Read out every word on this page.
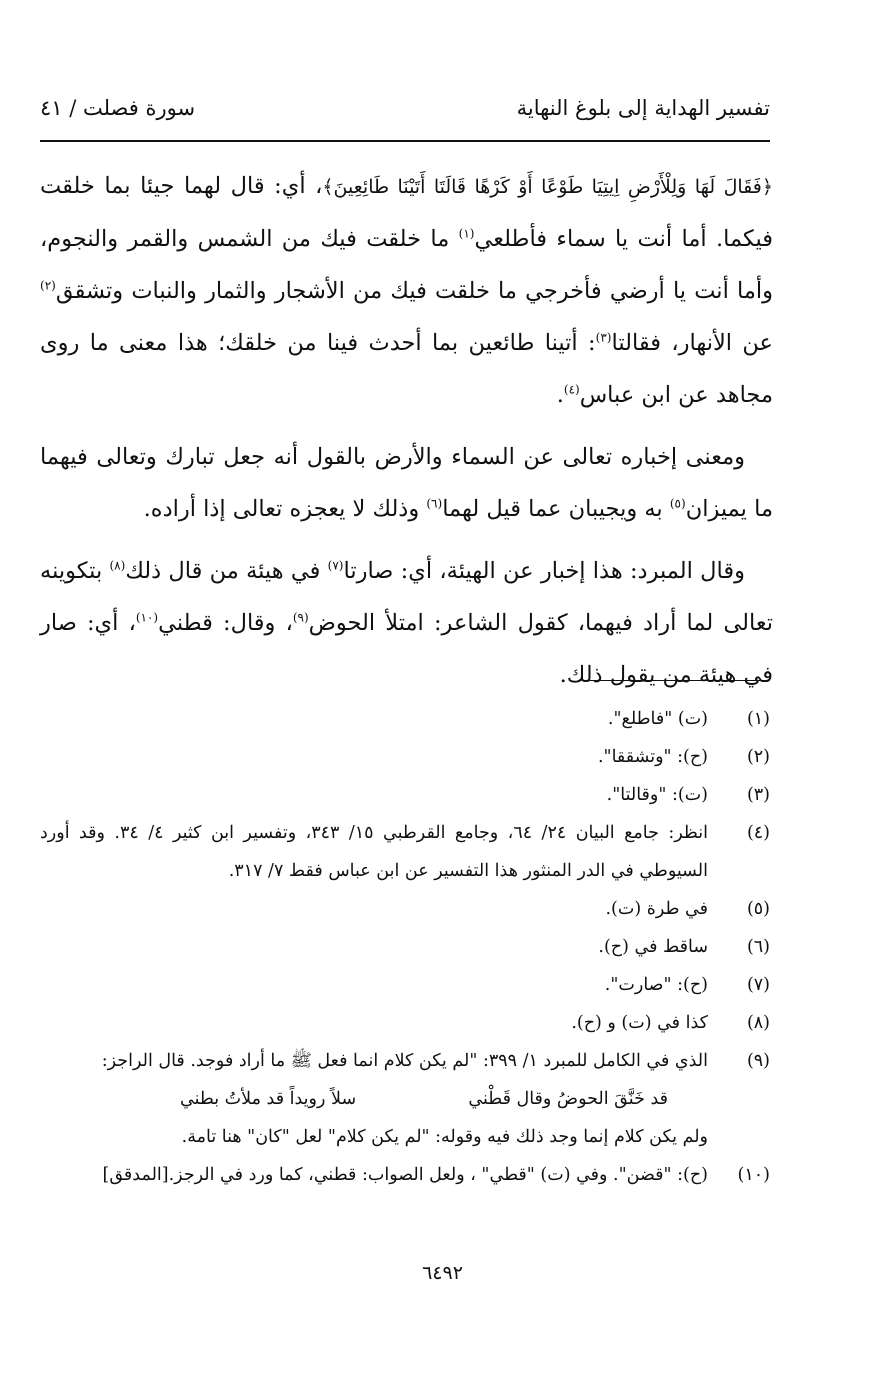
تفسير الهداية إلى بلوغ النهاية
سورة فصلت / ٤١

﴿فَقَالَ لَهَا وَلِلْأَرْضِ اِيتِيَا طَوْعًا أَوْ كَرْهًا قَالَتَا أَتَيْنَا طَائِعِينَ﴾، أي: قال لهما جيئا بما خلقت فيكما. أما أنت يا سماء فأطلعي$^{(١)}$ ما خلقت فيك من الشمس والقمر والنجوم، وأما أنت يا أرضي فأخرجي ما خلقت فيك من الأشجار والثمار والنبات وتشقق$^{(٢)}$ عن الأنهار، فقالتا$^{(٣)}$: أتينا طائعين بما أحدث فينا من خلقك؛ هذا معنى ما روى مجاهد عن ابن عباس$^{(٤)}$.

ومعنى إخباره تعالى عن السماء والأرض بالقول أنه جعل تبارك وتعالى فيهما ما يميزان$^{(٥)}$ به ويجيبان عما قيل لهما$^{(٦)}$ وذلك لا يعجزه تعالى إذا أراده.

وقال المبرد: هذا إخبار عن الهيئة، أي: صارتا$^{(٧)}$ في هيئة من قال ذلك$^{(٨)}$ بتكوينه تعالى لما أراد فيهما، كقول الشاعر: امتلأ الحوض$^{(٩)}$، وقال: قطني$^{(١٠)}$، أي: صار في هيئة من يقول ذلك.

(١)
(ت) "فاطلع".
(٢)
(ح): "وتشققا".
(٣)
(ت): "وقالتا".
(٤)
انظر: جامع البيان ٢٤/ ٦٤، وجامع القرطبي ١٥/ ٣٤٣، وتفسير ابن كثير ٤/ ٣٤. وقد أورد السيوطي في الدر المنثور هذا التفسير عن ابن عباس فقط ٧/ ٣١٧.
(٥)
في طرة (ت).
(٦)
ساقط في (ح).
(٧)
(ح): "صارت".
(٨)
كذا في (ت) و (ح).
(٩)
الذي في الكامل للمبرد ١/ ٣٩٩: "لم يكن كلام انما فعل ﷺ ما أراد فوجد. قال الراجز:
قد خَنَّقَ الحوضُ وقال قَطْني
سلاً رويداً قد ملأتُ بطني
ولم يكن كلام إنما وجد ذلك فيه وقوله: "لم يكن كلام" لعل "كان" هنا تامة.
(١٠)
(ح): "قضن". وفي (ت) "قطي" ، ولعل الصواب: قطني، كما ورد في الرجز.[المدقق]
٦٤٩٢
